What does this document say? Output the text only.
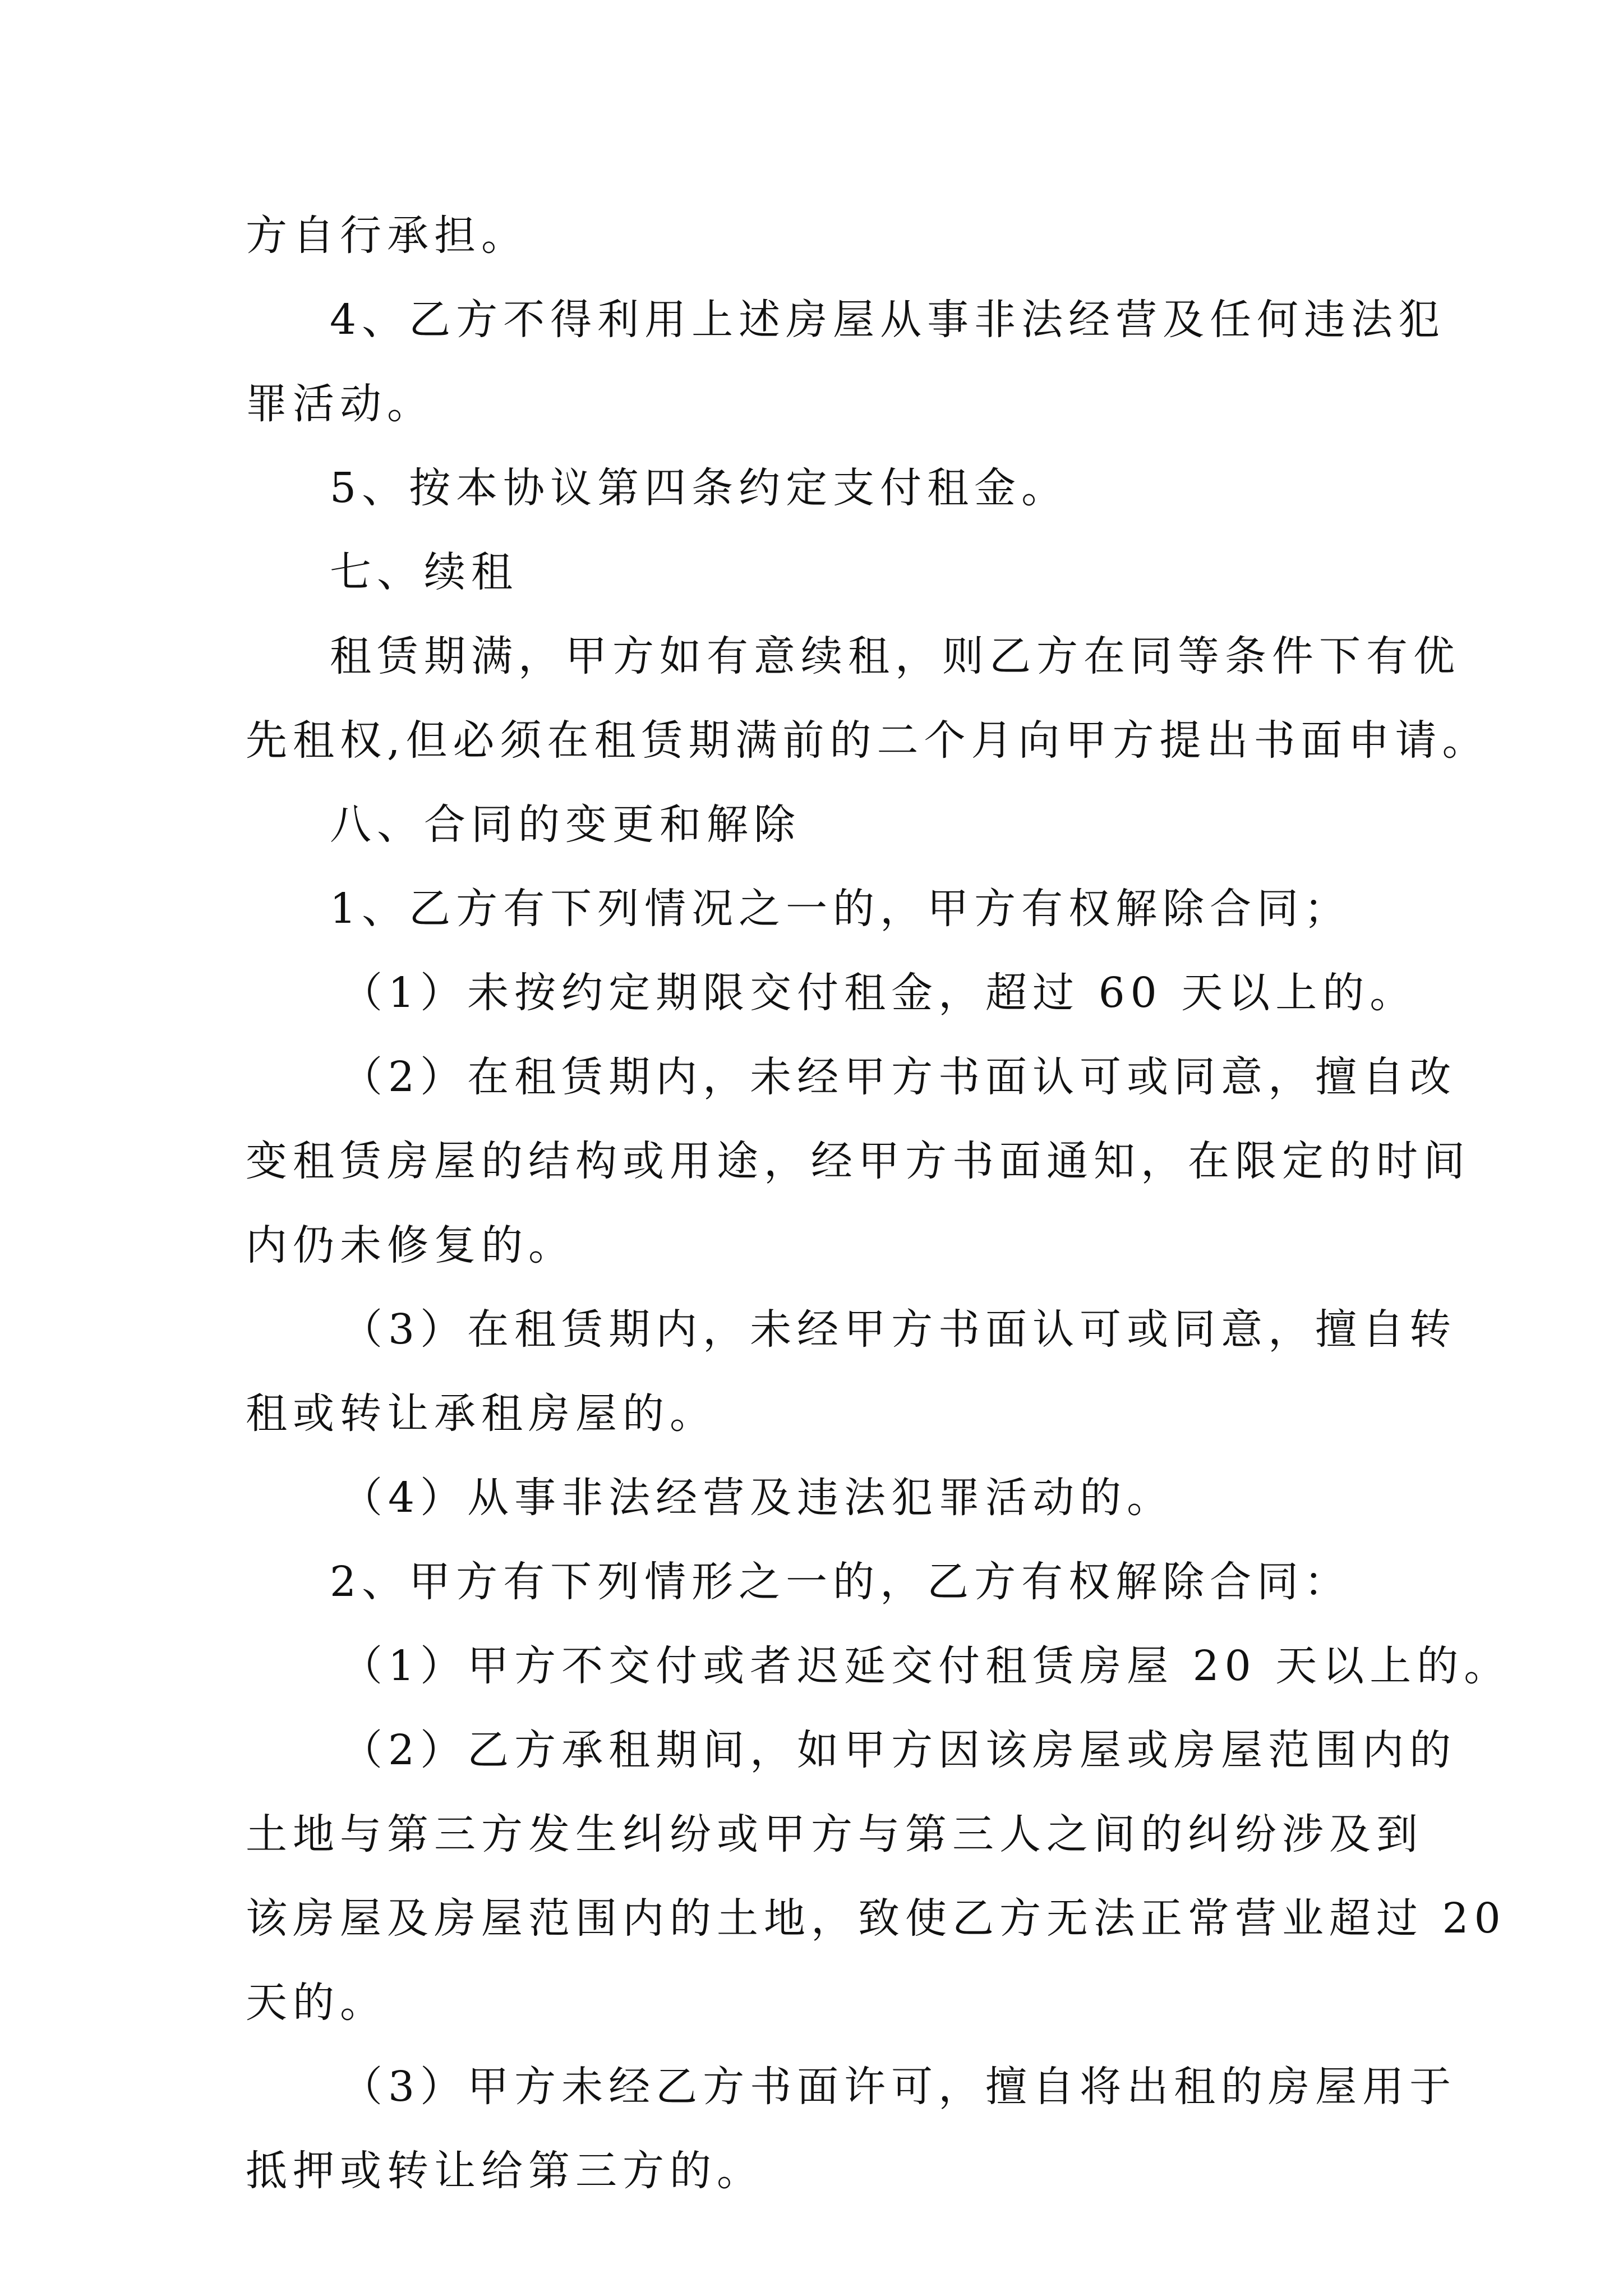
方自行承担。
4、乙方不得利用上述房屋从事非法经营及任何违法犯
罪活动。
5、按本协议第四条约定支付租金。
七、续租
租赁期满，甲方如有意续租，则乙方在同等条件下有优
先租权,但必须在租赁期满前的二个月向甲方提出书面申请。
八、合同的变更和解除
1、乙方有下列情况之一的，甲方有权解除合同；
（1）未按约定期限交付租金，超过 60 天以上的。
（2）在租赁期内，未经甲方书面认可或同意，擅自改
变租赁房屋的结构或用途，经甲方书面通知，在限定的时间
内仍未修复的。
（3）在租赁期内，未经甲方书面认可或同意，擅自转
租或转让承租房屋的。
（4）从事非法经营及违法犯罪活动的。
2、甲方有下列情形之一的，乙方有权解除合同：
（1）甲方不交付或者迟延交付租赁房屋 20 天以上的。
（2）乙方承租期间，如甲方因该房屋或房屋范围内的
土地与第三方发生纠纷或甲方与第三人之间的纠纷涉及到
该房屋及房屋范围内的土地，致使乙方无法正常营业超过 20
天的。
（3）甲方未经乙方书面许可，擅自将出租的房屋用于
抵押或转让给第三方的。
